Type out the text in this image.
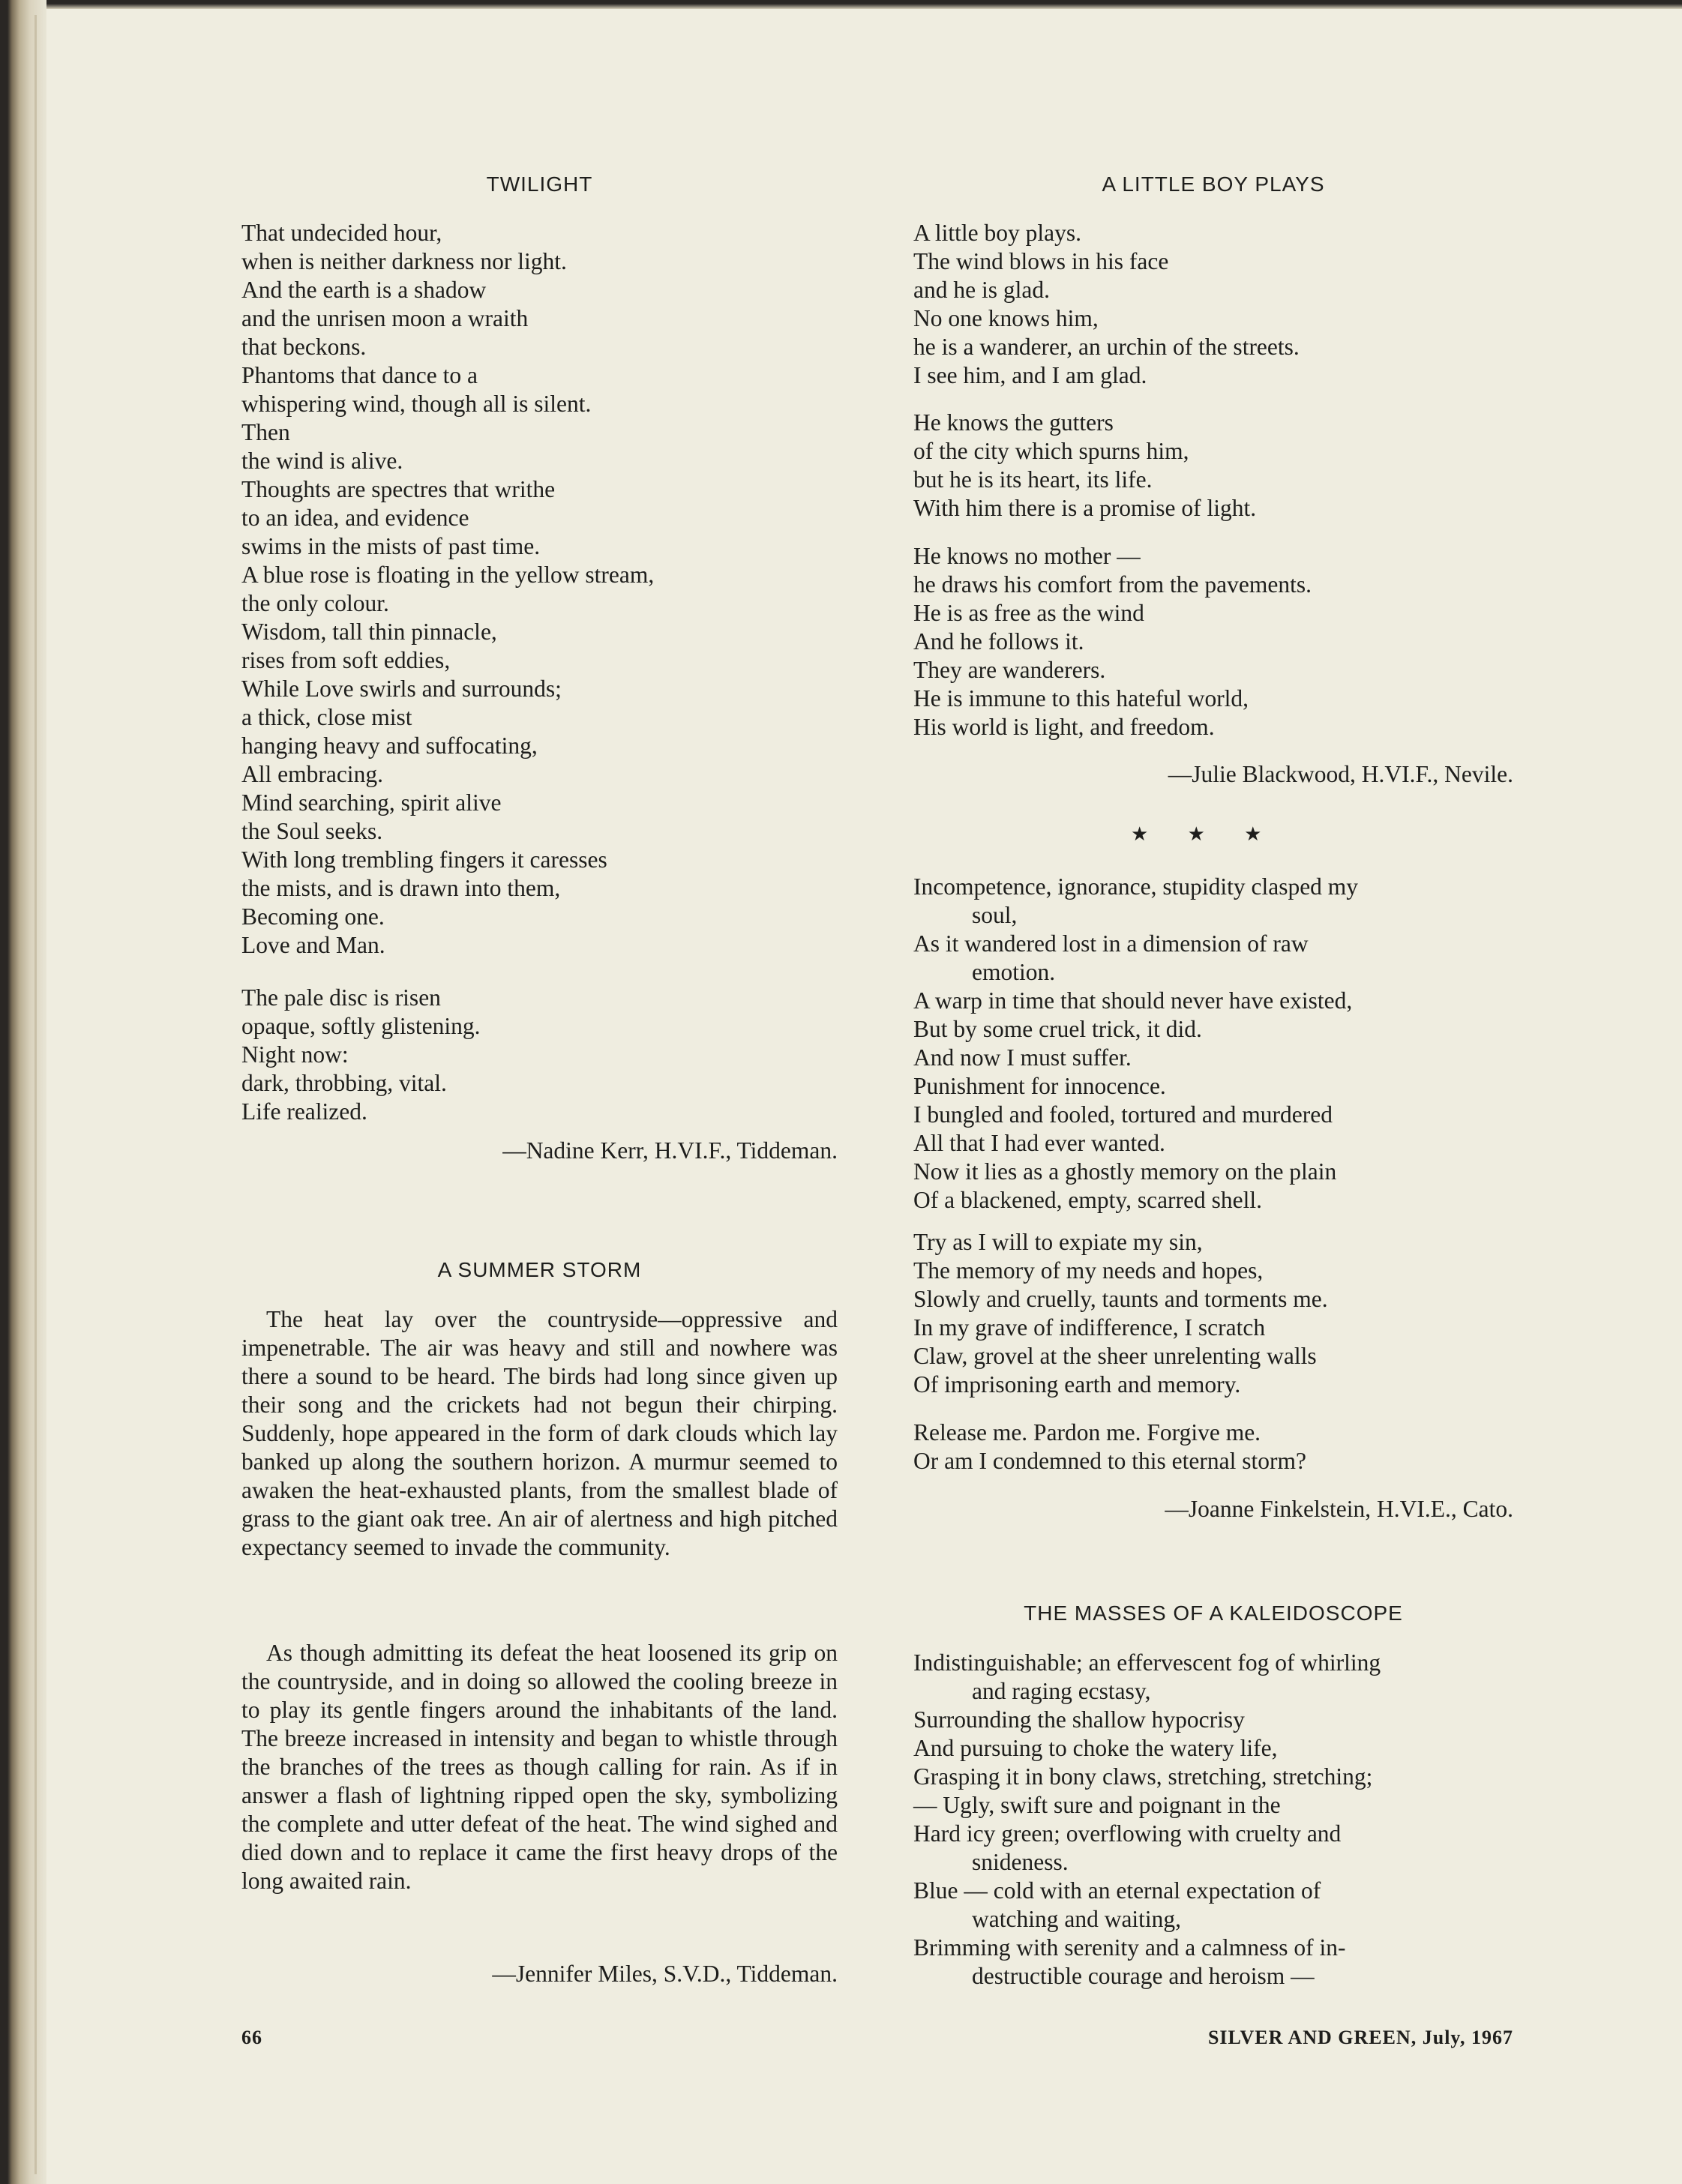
TWILIGHT
That undecided hour,
when is neither darkness nor light.
And the earth is a shadow
and the unrisen moon a wraith
that beckons.
Phantoms that dance to a
whispering wind, though all is silent.
Then
the wind is alive.
Thoughts are spectres that writhe
to an idea, and evidence
swims in the mists of past time.
A blue rose is floating in the yellow stream,
the only colour.
Wisdom, tall thin pinnacle,
rises from soft eddies,
While Love swirls and surrounds;
a thick, close mist
hanging heavy and suffocating,
All embracing.
Mind searching, spirit alive
the Soul seeks.
With long trembling fingers it caresses
the mists, and is drawn into them,
Becoming one.
Love and Man.
The pale disc is risen
opaque, softly glistening.
Night now:
dark, throbbing, vital.
Life realized.

—Nadine Kerr, H.VI.F., Tiddeman.

A SUMMER STORM

The heat lay over the countryside—oppressive and impenetrable. The air was heavy and still and nowhere was there a sound to be heard. The birds had long since given up their song and the crickets had not begun their chirping. Suddenly, hope appeared in the form of dark clouds which lay banked up along the southern horizon. A murmur seemed to awaken the heat-exhausted plants, from the smallest blade of grass to the giant oak tree. An air of alertness and high pitched expectancy seemed to invade the community.

As though admitting its defeat the heat loosened its grip on the countryside, and in doing so allowed the cooling breeze in to play its gentle fingers around the inhabitants of the land. The breeze increased in intensity and began to whistle through the branches of the trees as though calling for rain. As if in answer a flash of lightning ripped open the sky, symbolizing the complete and utter defeat of the heat. The wind sighed and died down and to replace it came the first heavy drops of the long awaited rain.

—Jennifer Miles, S.V.D., Tiddeman.

66
A LITTLE BOY PLAYS
A little boy plays.
The wind blows in his face
and he is glad.
No one knows him,
he is a wanderer, an urchin of the streets.
I see him, and I am glad.
He knows the gutters
of the city which spurns him,
but he is its heart, its life.
With him there is a promise of light.
He knows no mother —
he draws his comfort from the pavements.
He is as free as the wind
And he follows it.
They are wanderers.
He is immune to this hateful world,
His world is light, and freedom.

—Julie Blackwood, H.VI.F., Nevile.

★ ★ ★
Incompetence, ignorance, stupidity clasped my
soul,
As it wandered lost in a dimension of raw
emotion.
A warp in time that should never have existed,
But by some cruel trick, it did.
And now I must suffer.
Punishment for innocence.
I bungled and fooled, tortured and murdered
All that I had ever wanted.
Now it lies as a ghostly memory on the plain
Of a blackened, empty, scarred shell.
Try as I will to expiate my sin,
The memory of my needs and hopes,
Slowly and cruelly, taunts and torments me.
In my grave of indifference, I scratch
Claw, grovel at the sheer unrelenting walls
Of imprisoning earth and memory.
Release me. Pardon me. Forgive me.
Or am I condemned to this eternal storm?

—Joanne Finkelstein, H.VI.E., Cato.

THE MASSES OF A KALEIDOSCOPE
Indistinguishable; an effervescent fog of whirling
and raging ecstasy,
Surrounding the shallow hypocrisy
And pursuing to choke the watery life,
Grasping it in bony claws, stretching, stretching;
— Ugly, swift sure and poignant in the
Hard icy green; overflowing with cruelty and
snideness.
Blue — cold with an eternal expectation of
watching and waiting,
Brimming with serenity and a calmness of in-
destructible courage and heroism —
SILVER AND GREEN, July, 1967
